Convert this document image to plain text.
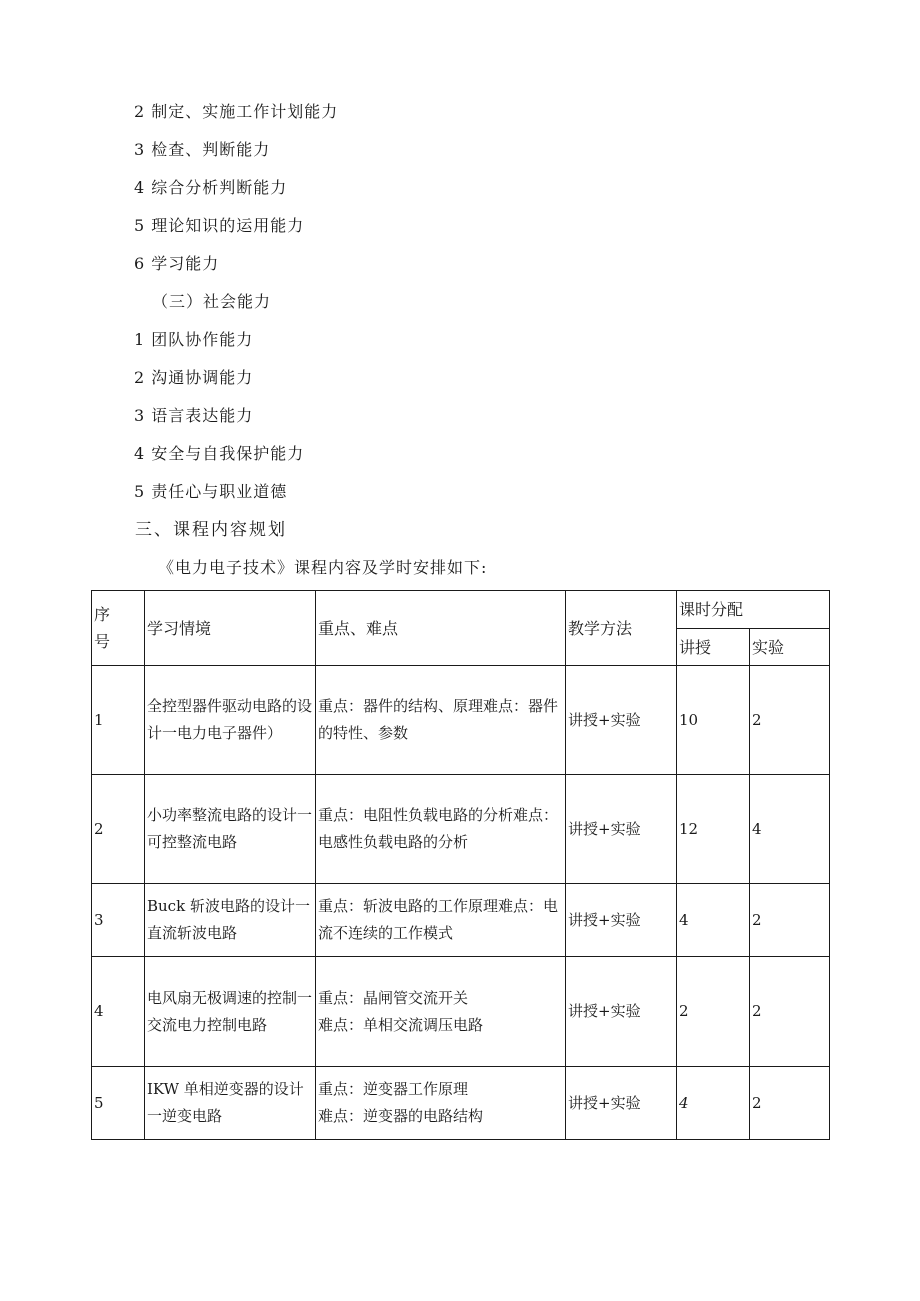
2 制定、实施工作计划能力
3 检查、判断能力
4 综合分析判断能力
5 理论知识的运用能力
6 学习能力
（三）社会能力
1 团队协作能力
2 沟通协调能力
3 语言表达能力
4 安全与自我保护能力
5 责任心与职业道德
三、课程内容规划
《电力电子技术》课程内容及学时安排如下:
序
号	学习情境	重点、难点	教学方法	课时分配	
				讲授	实验
1	全控型器件驱动电路的设计一电力电子器件）	重点：器件的结构、原理难点：器件的特性、参数	讲授+实验	10	2
2	小功率整流电路的设计一可控整流电路	重点：电阻性负载电路的分析难点：电感性负载电路的分析	讲授+实验	12	4
3	Buck 斩波电路的设计一直流斩波电路	重点：斩波电路的工作原理难点：电流不连续的工作模式	讲授+实验	4	2
4	电风扇无极调速的控制一交流电力控制电路	重点：晶闸管交流开关
难点：单相交流调压电路	讲授+实验	2	2
5	IKW 单相逆变器的设计一逆变电路	重点：逆变器工作原理
难点：逆变器的电路结构	讲授+实验	4	2
